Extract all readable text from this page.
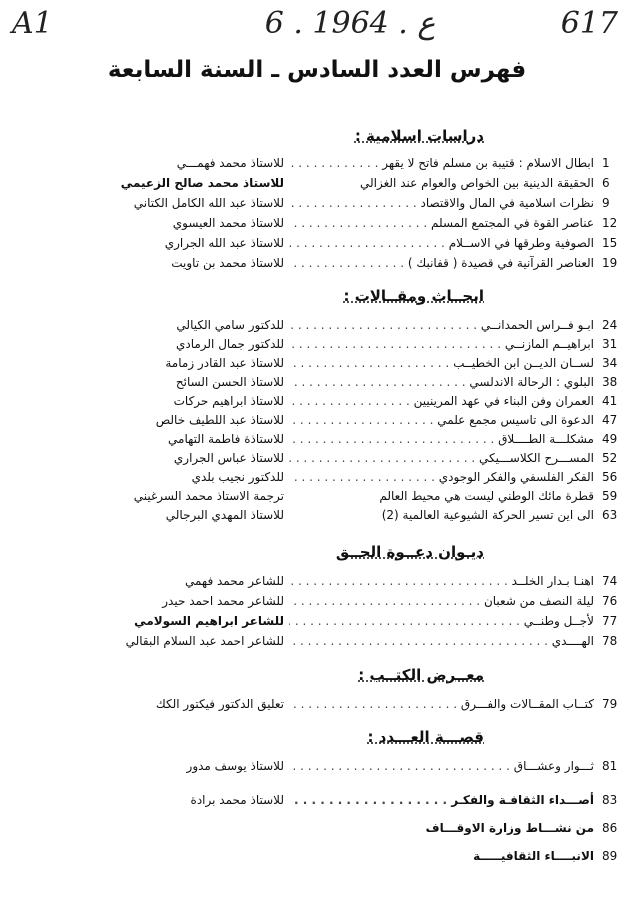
A1	6 . ع . 1964	617
فهرس العدد السادس ـ السنة السابعة
دراسات اسلامية :
1
ابطال الاسلام : قتيبة بن مسلم فاتح لا يقهر . . .
للاستاذ محمد فهمـــي
6
الحقيقة الدينية بين الخواص والعوام عند الغزالي
للاستاذ محمد صالح الزعيمي
9
نظرات اسلامية في المال والاقتصاد . . .
للاستاذ عبد الله الكامل الكتاني
12
عناصر القوة في المجتمع المسلم . . .
للاستاذ محمد العيسوي
15
الصوفية وطرقها في الاســلام . . .
للاستاذ عبد الله الجراري
19
العناصر القرآنية في قصيدة ( قفانبك ) . . .
للاستاذ محمد بن تاويت
ابحــاث ومقــالات :
24
ابـو فــراس الحمدانــي . . .
للدكتور سامي الكيالي
31
ابراهيــم المازنــي . . .
للدكتور جمال الرمادي
34
لســان الديــن ابن الخطيــب . . .
للاستاذ عبد القادر زمامة
38
البلوي : الرحالة الاندلسي . . .
للاستاذ الحسن السائح
41
العمران وفن البناء في عهد المرينيين . . .
للاستاذ ابراهيم حركات
47
الدعوة الى تاسيس مجمع علمي . . .
للاستاذ عبد اللطيف خالص
49
مشكلـــة الطــــلاق . . .
للاستاذة فاطمة التهامي
52
المســـرح الكلاســـيكي . . .
للاستاذ عباس الجراري
56
الفكر الفلسفي والفكر الوجودي . . .
للدكتور نجيب بلدي
59
قطرة مائك الوطني ليست هي محيط العالم
ترجمة الاستاذ محمد السرغيني
63
الى اين تسير الحركة الشيوعية العالمية (2)
للاستاذ المهدي البرجالي
ديـوان دعــوة الحــق
74
اهنـا بـدار الخلــد . . .
للشاعر محمد فهمي
76
ليلة النصف من شعبان . . .
للشاعر محمد احمد حيدر
77
لأجــل وطنــي . . .
للشاعر ابراهيم السولامي
78
الهــــدي . . .
للشاعر احمد عبد السلام البقالي
معــرض الكتــب :
79
كتــاب المقــالات والفـــرق . . .
تعليق الدكتور فيكتور الكك
قصـــة العـــدد :
81
ثـــوار وعشـــاق . . .
للاستاذ يوسف مدور
83
أصـــداء الثقافـة والفكـر . . .
للاستاذ محمد برادة
86
من نشـــاط وزارة الاوقـــاف
89
الانبــــاء الثقافيـــــة
